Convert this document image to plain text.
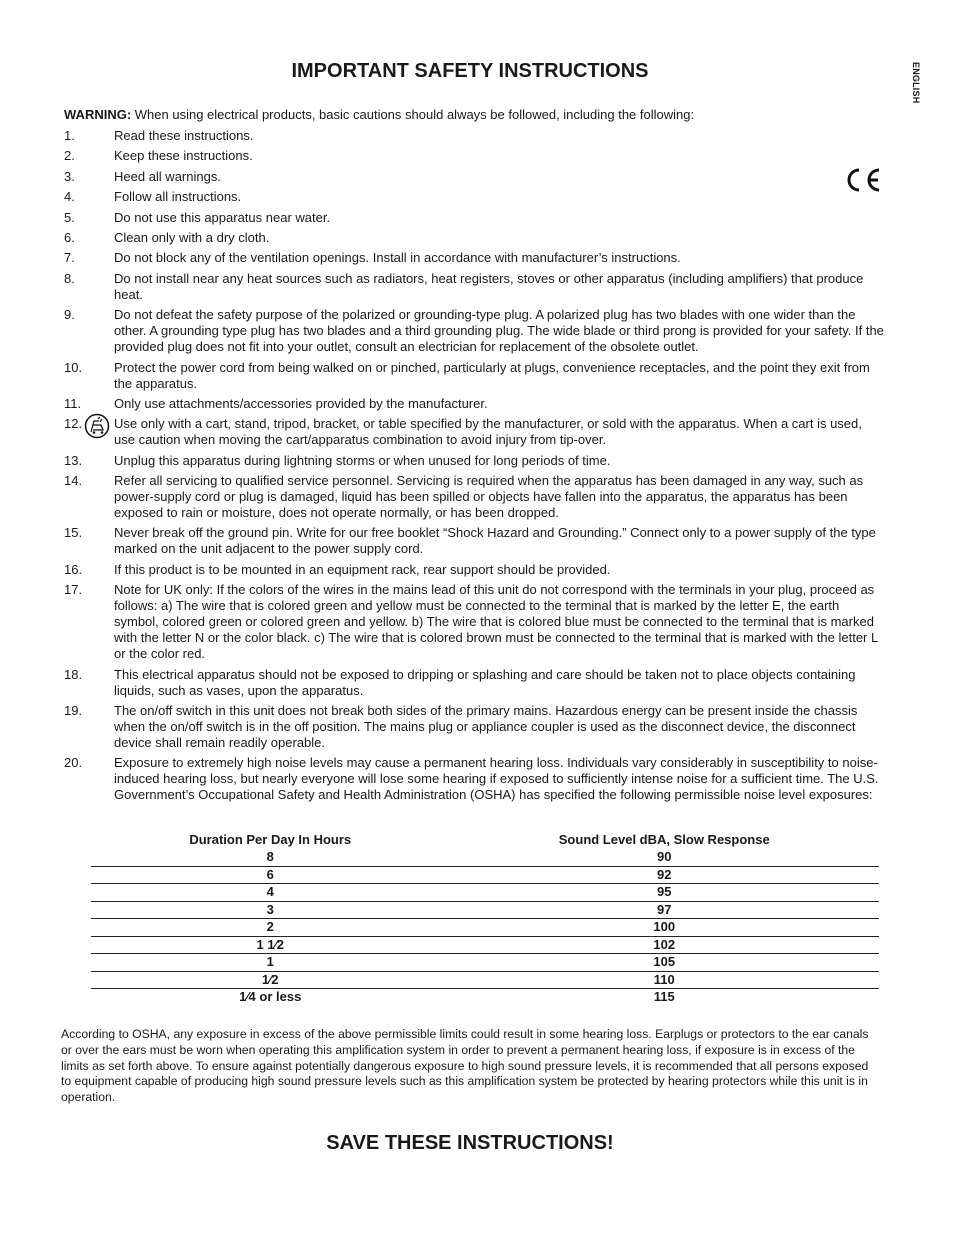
IMPORTANT SAFETY INSTRUCTIONS	ENGLISH
WARNING: When using electrical products, basic cautions should always be followed, including the following:
1.	Read these instructions.
2.	Keep these instructions.
3.	Heed all warnings.
4.	Follow all instructions.
5.	Do not use this apparatus near water.
6.	Clean only with a dry cloth.
7.	Do not block any of the ventilation openings. Install in accordance with manufacturer’s instructions.
8.	Do not install near any heat sources such as radiators, heat registers, stoves or other apparatus (including amplifiers) that produce heat.
9.	Do not defeat the safety purpose of the polarized or grounding-type plug. A polarized plug has two blades with one wider than the other. A grounding type plug has two blades and a third grounding plug. The wide blade or third prong is provided for your safety. If the provided plug does not fit into your outlet, consult an electrician for replacement of the obsolete outlet.
10.	Protect the power cord from being walked on or pinched, particularly at plugs, convenience receptacles, and the point they exit from the apparatus.
11.	Only use attachments/accessories provided by the manufacturer.
12.	Use only with a cart, stand, tripod, bracket, or table specified by the manufacturer, or sold with the apparatus. When a cart is used, use caution when moving the cart/apparatus combination to avoid injury from tip-over.
13.	Unplug this apparatus during lightning storms or when unused for long periods of time.
14.	Refer all servicing to qualified service personnel. Servicing is required when the apparatus has been damaged in any way, such as power-supply cord or plug is damaged, liquid has been spilled or objects have fallen into the apparatus, the apparatus has been exposed to rain or moisture, does not operate normally, or has been dropped.
15.	Never break off the ground pin. Write for our free booklet “Shock Hazard and Grounding.” Connect only to a power supply of the type marked on the unit adjacent to the power supply cord.
16.	If this product is to be mounted in an equipment rack, rear support should be provided.
17.	Note for UK only: If the colors of the wires in the mains lead of this unit do not correspond with the terminals in your plug, proceed as follows: a) The wire that is colored green and yellow must be connected to the terminal that is marked by the letter E, the earth symbol, colored green or colored green and yellow. b) The wire that is colored blue must be connected to the terminal that is marked with the letter N or the color black. c) The wire that is colored brown must be connected to the terminal that is marked with the letter L or the color red.
18.	This electrical apparatus should not be exposed to dripping or splashing and care should be taken not to place objects containing liquids, such as vases, upon the apparatus.
19.	The on/off switch in this unit does not break both sides of the primary mains. Hazardous energy can be present inside the chassis when the on/off switch is in the off position. The mains plug or appliance coupler is used as the disconnect device, the disconnect device shall remain readily operable.
20.	Exposure to extremely high noise levels may cause a permanent hearing loss. Individuals vary considerably in susceptibility to noise-induced hearing loss, but nearly everyone will lose some hearing if exposed to sufficiently intense noise for a sufficient time. The U.S. Government’s Occupational Safety and Health Administration (OSHA) has specified the following permissible noise level exposures:
Duration Per Day In Hours	Sound Level dBA, Slow Response
8	90
6	92
4	95
3	97
2	100
1 1⁄2	102
1	105
1⁄2	110
1⁄4 or less	115
According to OSHA, any exposure in excess of the above permissible limits could result in some hearing loss. Earplugs or protectors to the ear canals or over the ears must be worn when operating this amplification system in order to prevent a permanent hearing loss, if exposure is in excess of the limits as set forth above. To ensure against potentially dangerous exposure to high sound pressure levels, it is recommended that all persons exposed to equipment capable of producing high sound pressure levels such as this amplification system be protected by hearing protectors while this unit is in operation.
SAVE THESE INSTRUCTIONS!
